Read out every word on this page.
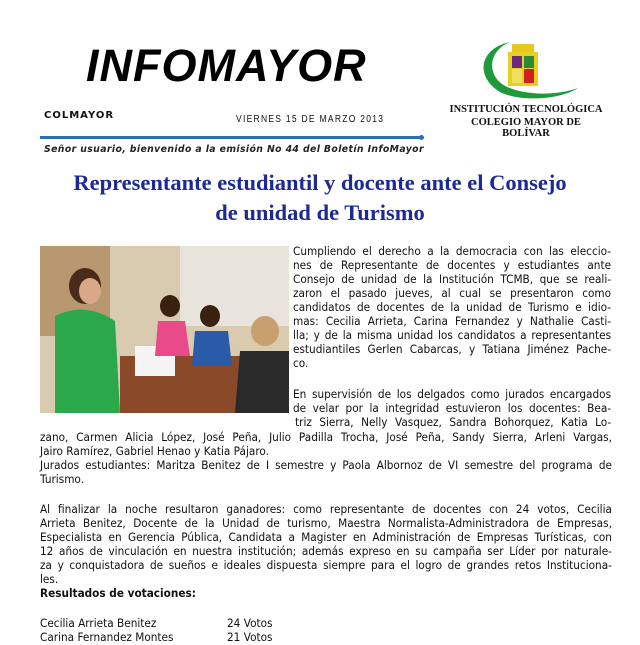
INFOMAYOR
COLMAYOR	VIERNES 15 DE MARZO 2013
Señor usuario, bienvenido a la emisión No 44 del Boletín InfoMayor
INSTITUCIÓN TECNOLÓGICA
COLEGIO MAYOR DE BOLÍVAR
Representante estudiantil y docente ante el Consejo
de unidad de Turismo
Cumpliendo el derecho a la democracia con las eleccio-
nes de Representante de docentes y estudiantes ante
Consejo de unidad de la Institución TCMB, que se reali-
zaron el pasado jueves, al cual se presentaron como
candidatos de docentes de la unidad de Turismo e idio-
mas: Cecilia Arrieta, Carina Fernandez y Nathalie Casti-
lla; y de la misma unidad los candidatos a representantes
estudiantiles Gerlen Cabarcas, y Tatiana Jiménez Pache-
co.
En supervisión de los delgados como jurados encargados
de velar por la integridad estuvieron los docentes: Bea-
triz Sierra, Nelly Vasquez, Sandra Bohorquez, Katia Lo-
zano, Carmen Alicia López, José Peña, Julio Padilla Trocha, José Peña, Sandy Sierra, Arleni Vargas,
Jairo Ramírez, Gabriel Henao y Katia Pájaro.
Jurados estudiantes: Maritza Benitez de I semestre y Paola Albornoz de VI semestre del programa de
Turismo.
Al finalizar la noche resultaron ganadores: como representante de docentes con 24 votos, Cecilia
Arrieta Benitez, Docente de la Unidad de turismo, Maestra Normalista-Administradora de Empresas,
Especialista en Gerencia Pública, Candidata a Magister en Administración de Empresas Turísticas, con
12 años de vinculación en nuestra institución; además expreso en su campaña ser Líder por naturale-
za y conquistadora de sueños e ideales dispuesta siempre para el logro de grandes retos Instituciona-
les.
Resultados de votaciones:
Cecilia Arrieta Benitez	24 Votos
Carina Fernandez Montes	21 Votos
